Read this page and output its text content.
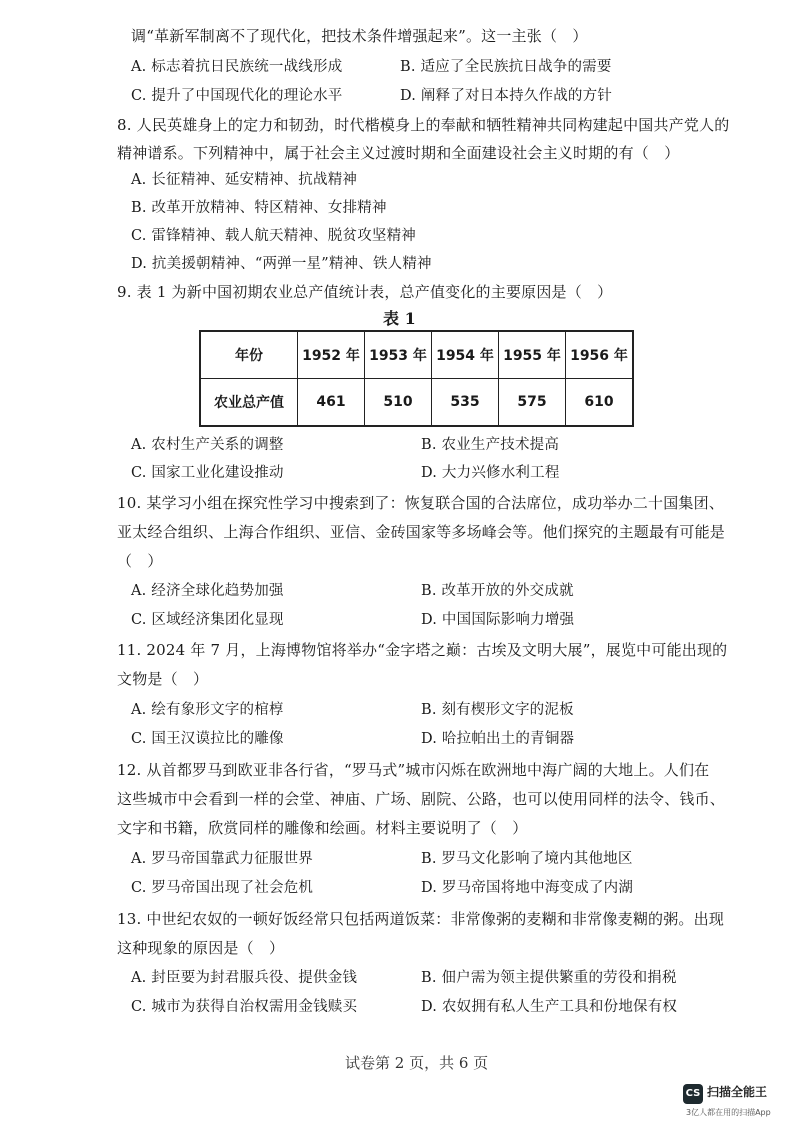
调“革新军制离不了现代化，把技术条件增强起来”。这一主张（　）
A. 标志着抗日民族统一战线形成	B. 适应了全民族抗日战争的需要
C. 提升了中国现代化的理论水平	D. 阐释了对日本持久作战的方针
8. 人民英雄身上的定力和韧劲，时代楷模身上的奉献和牺牲精神共同构建起中国共产党人的
精神谱系。下列精神中，属于社会主义过渡时期和全面建设社会主义时期的有（　）
A. 长征精神、延安精神、抗战精神
B. 改革开放精神、特区精神、女排精神
C. 雷锋精神、载人航天精神、脱贫攻坚精神
D. 抗美援朝精神、“两弹一星”精神、铁人精神
9. 表 1 为新中国初期农业总产值统计表，总产值变化的主要原因是（　）
表 1
年份	1952 年	1953 年	1954 年	1955 年	1956 年
农业总产值	461	510	535	575	610
A. 农村生产关系的调整	B. 农业生产技术提高
C. 国家工业化建设推动	D. 大力兴修水利工程
10. 某学习小组在探究性学习中搜索到了：恢复联合国的合法席位，成功举办二十国集团、
亚太经合组织、上海合作组织、亚信、金砖国家等多场峰会等。他们探究的主题最有可能是
（　）
A. 经济全球化趋势加强	B. 改革开放的外交成就
C. 区域经济集团化显现	D. 中国国际影响力增强
11. 2024 年 7 月，上海博物馆将举办“金字塔之巅：古埃及文明大展”，展览中可能出现的
文物是（　）
A. 绘有象形文字的棺椁	B. 刻有楔形文字的泥板
C. 国王汉谟拉比的雕像	D. 哈拉帕出土的青铜器
12. 从首都罗马到欧亚非各行省，“罗马式”城市闪烁在欧洲地中海广阔的大地上。人们在
这些城市中会看到一样的会堂、神庙、广场、剧院、公路，也可以使用同样的法令、钱币、
文字和书籍，欣赏同样的雕像和绘画。材料主要说明了（　）
A. 罗马帝国靠武力征服世界	B. 罗马文化影响了境内其他地区
C. 罗马帝国出现了社会危机	D. 罗马帝国将地中海变成了内湖
13. 中世纪农奴的一顿好饭经常只包括两道饭菜：非常像粥的麦糊和非常像麦糊的粥。出现
这种现象的原因是（　）
A. 封臣要为封君服兵役、提供金钱	B. 佃户需为领主提供繁重的劳役和捐税
C. 城市为获得自治权需用金钱赎买	D. 农奴拥有私人生产工具和份地保有权
试卷第 2 页，共 6 页
CS 扫描全能王
3亿人都在用的扫描App
